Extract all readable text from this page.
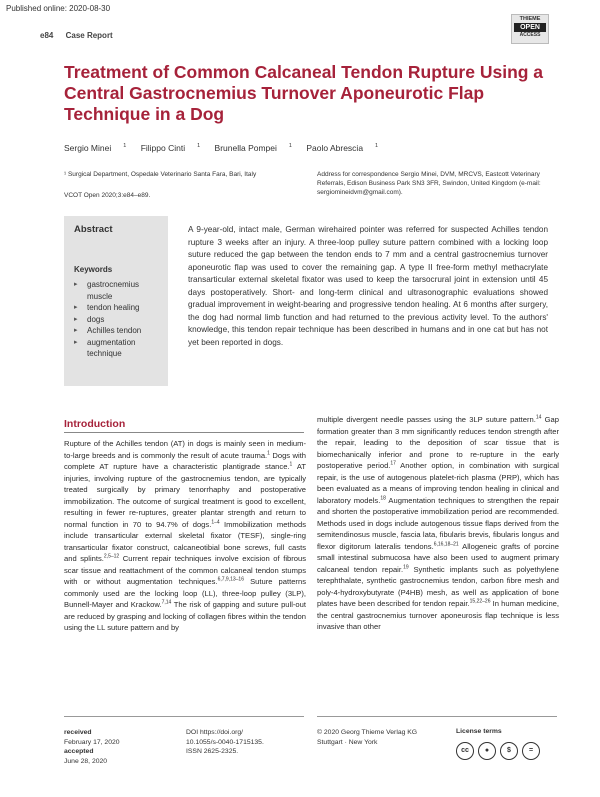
Published online: 2020-08-30
e84 Case Report
THIEME
OPEN
ACCESS
Treatment of Common Calcaneal Tendon Rupture Using a Central Gastrocnemius Turnover Aponeurotic Flap Technique in a Dog
Sergio Minei $^1$ Filippo Cinti $^1$ Brunella Pompei $^1$ Paolo Abrescia $^1$
¹ Surgical Department, Ospedale Veterinario Santa Fara, Bari, Italy
VCOT Open 2020;3:e84–e89.
Address for correspondence Sergio Minei, DVM, MRCVS, Eastcott Veterinary Referrals, Edison Business Park SN3 3FR, Swindon, United Kingdom (e-mail: sergiomineidvm@gmail.com).
Abstract
Keywords
▸ gastrocnemius muscle
▸ tendon healing
▸ dogs
▸ Achilles tendon
▸ augmentation technique
A 9-year-old, intact male, German wirehaired pointer was referred for suspected Achilles tendon rupture 3 weeks after an injury. A three-loop pulley suture pattern combined with a locking loop suture reduced the gap between the tendon ends to 7 mm and a central gastrocnemius turnover aponeurotic flap was used to cover the remaining gap. A type II free-form methyl methacrylate transarticular external skeletal fixator was used to keep the tarsocrural joint in extension until 45 days postoperatively. Short- and long-term clinical and ultrasonographic evaluations showed gradual improvement in weight-bearing and progressive tendon healing. At 6 months after surgery, the dog had normal limb function and had returned to the previous activity level. To the authors' knowledge, this tendon repair technique has been described in humans and in one cat but has not yet been reported in dogs.
Introduction
Rupture of the Achilles tendon (AT) in dogs is mainly seen in medium-to-large breeds and is commonly the result of acute trauma.$^1$ Dogs with complete AT rupture have a characteristic plantigrade stance.$^1$ AT injuries, involving rupture of the gastrocnemius tendon, are typically treated surgically by primary tenorrhaphy and postoperative immobilization. The outcome of surgical treatment is good to excellent, resulting in fewer re-ruptures, greater plantar strength and return to normal function in 70 to 94.7% of dogs.$^{1-4}$ Immobilization methods include transarticular external skeletal fixator (TESF), single-ring transarticular fixator construct, calcaneotibial bone screws, full casts and splints.$^{2,5-12}$ Current repair techniques involve excision of fibrous scar tissue and reattachment of the common calcaneal tendon stumps with or without augmentation techniques.$^{6,7,9,13-16}$ Suture patterns commonly used are the locking loop (LL), three-loop pulley (3LP), Bunnell-Mayer and Krackow.$^{7,14}$ The risk of gapping and suture pull-out are reduced by grasping and locking of collagen fibres within the tendon using the LL suture pattern and by
multiple divergent needle passes using the 3LP suture pattern.$^{14}$ Gap formation greater than 3 mm significantly reduces tendon strength after the repair, leading to the deposition of scar tissue that is biomechanically inferior and prone to re-rupture in the early postoperative period.$^{17}$ Another option, in combination with surgical repair, is the use of autogenous platelet-rich plasma (PRP), which has been evaluated as a means of improving tendon healing in clinical and laboratory models.$^{18}$ Augmentation techniques to strengthen the repair and shorten the postoperative immobilization period are recommended. Methods used in dogs include autogenous tissue flaps derived from the semitendinosus muscle, fascia lata, fibularis brevis, fibularis longus and flexor digitorum lateralis tendons.$^{6,16,18-21}$ Allogeneic grafts of porcine small intestinal submucosa have also been used to augment primary calcaneal tendon repair.$^{19}$ Synthetic implants such as polyethylene terephthalate, synthetic gastrocnemius tendon, carbon fibre mesh and poly-4-hydroxybutyrate (P4HB) mesh, as well as application of bone plates have been described for tendon repair.$^{15,22-26}$ In human medicine, the central gastrocnemius turnover aponeurosis flap technique is less invasive than other
received
February 17, 2020
accepted
June 28, 2020
DOI https://doi.org/
10.1055/s-0040-1715135.
ISSN 2625-2325.
© 2020 Georg Thieme Verlag KG
Stuttgart · New York
License terms
cc	●	$	=
